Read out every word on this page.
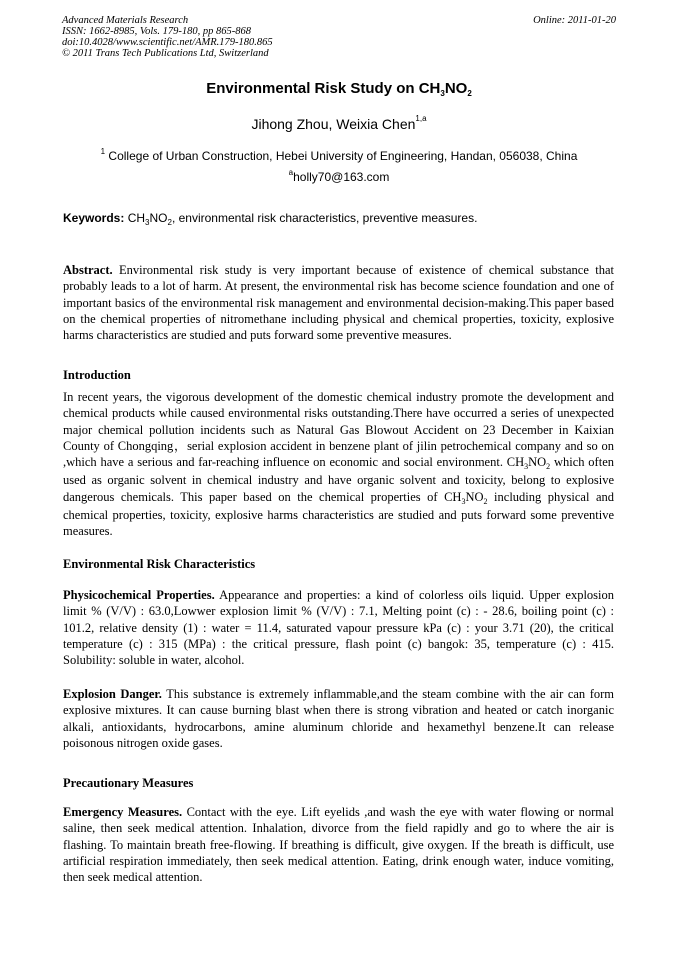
Advanced Materials Research
ISSN: 1662-8985, Vols. 179-180, pp 865-868
doi:10.4028/www.scientific.net/AMR.179-180.865
© 2011 Trans Tech Publications Ltd, Switzerland
Online: 2011-01-20
Environmental Risk Study on $CH_3NO_2$
Jihong Zhou, Weixia Chen$^{1,a}$
$^1$ College of Urban Construction, Hebei University of Engineering, Handan, 056038, China
$^a$holly70@163.com
Keywords: $CH_3NO_2$, environmental risk characteristics, preventive measures.
Abstract. Environmental risk study is very important because of existence of chemical substance that probably leads to a lot of harm. At present, the environmental risk has become science foundation and one of important basics of the environmental risk management and environmental decision-making.This paper based on the chemical properties of nitromethane including physical and chemical properties, toxicity, explosive harms characteristics are studied and puts forward some preventive measures.
Introduction
In recent years, the vigorous development of the domestic chemical industry promote the development and chemical products while caused environmental risks outstanding.There have occurred a series of unexpected major chemical pollution incidents such as Natural Gas Blowout Accident on 23 December in Kaixian County of Chongqing，serial explosion accident in benzene plant of jilin petrochemical company and so on ,which have a serious and far-reaching influence on economic and social environment. $CH_3NO_2$ which often used as organic solvent in chemical industry and have organic solvent and toxicity, belong to explosive dangerous chemicals. This paper based on the chemical properties of $CH_3NO_2$ including physical and chemical properties, toxicity, explosive harms characteristics are studied and puts forward some preventive measures.
Environmental Risk Characteristics
Physicochemical Properties. Appearance and properties: a kind of colorless oils liquid. Upper explosion limit % (V/V) : 63.0,Lowwer explosion limit % (V/V) : 7.1, Melting point (c) : - 28.6, boiling point (c) : 101.2, relative density (1) : water = 11.4, saturated vapour pressure kPa (c) : your 3.71 (20), the critical temperature (c) : 315 (MPa) : the critical pressure, flash point (c) bangok: 35, temperature (c) : 415. Solubility: soluble in water, alcohol.
Explosion Danger. This substance is extremely inflammable,and the steam combine with the air can form explosive mixtures. It can cause burning blast when there is strong vibration and heated or catch inorganic alkali, antioxidants, hydrocarbons, amine aluminum chloride and hexamethyl benzene.It can release poisonous nitrogen oxide gases.
Precautionary Measures
Emergency Measures. Contact with the eye. Lift eyelids ,and wash the eye with water flowing or normal saline, then seek medical attention. Inhalation, divorce from the field rapidly and go to where the air is flashing. To maintain breath free-flowing. If breathing is difficult, give oxygen. If the breath is difficult, use artificial respiration immediately, then seek medical attention. Eating, drink enough water, induce vomiting, then seek medical attention.
